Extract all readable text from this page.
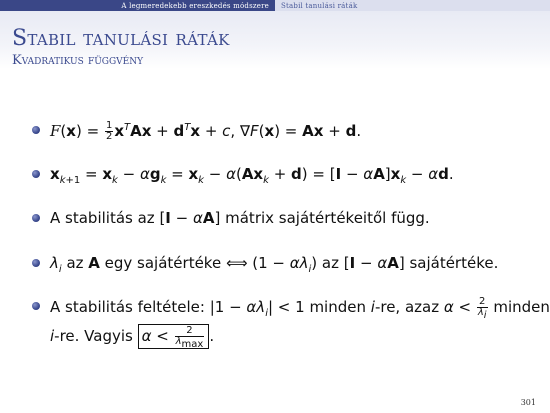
A legmeredekebb ereszkedés módszere	Stabil tanulási ráták
Stabil tanulási ráták
Kvadratikus függvény
$F(x) = \frac{1}{2} x^TAx + d^Tx + c$, ∇F(x) = Ax + d.
$x_{k+1} = x_k - \alpha g_k = x_k - \alpha(Ax_k + d) = [I - \alpha A]x_k - \alpha d$.
A stabilitás az [I − αA] mátrix sajátértékeitől függ.
$\lambda_i$ az A egy sajátértéke ⟺ $(1 - \alpha\lambda_i)$ az [I − αA] sajátértéke.
A stabilitás feltétele: $|1 - \alpha\lambda_i| < 1$ minden i-re, azaz $\alpha < \frac{2}{\lambda_i}$ minden
i-re. Vagyis $\alpha < \frac{2}{\lambda_{max}}$ .
301
